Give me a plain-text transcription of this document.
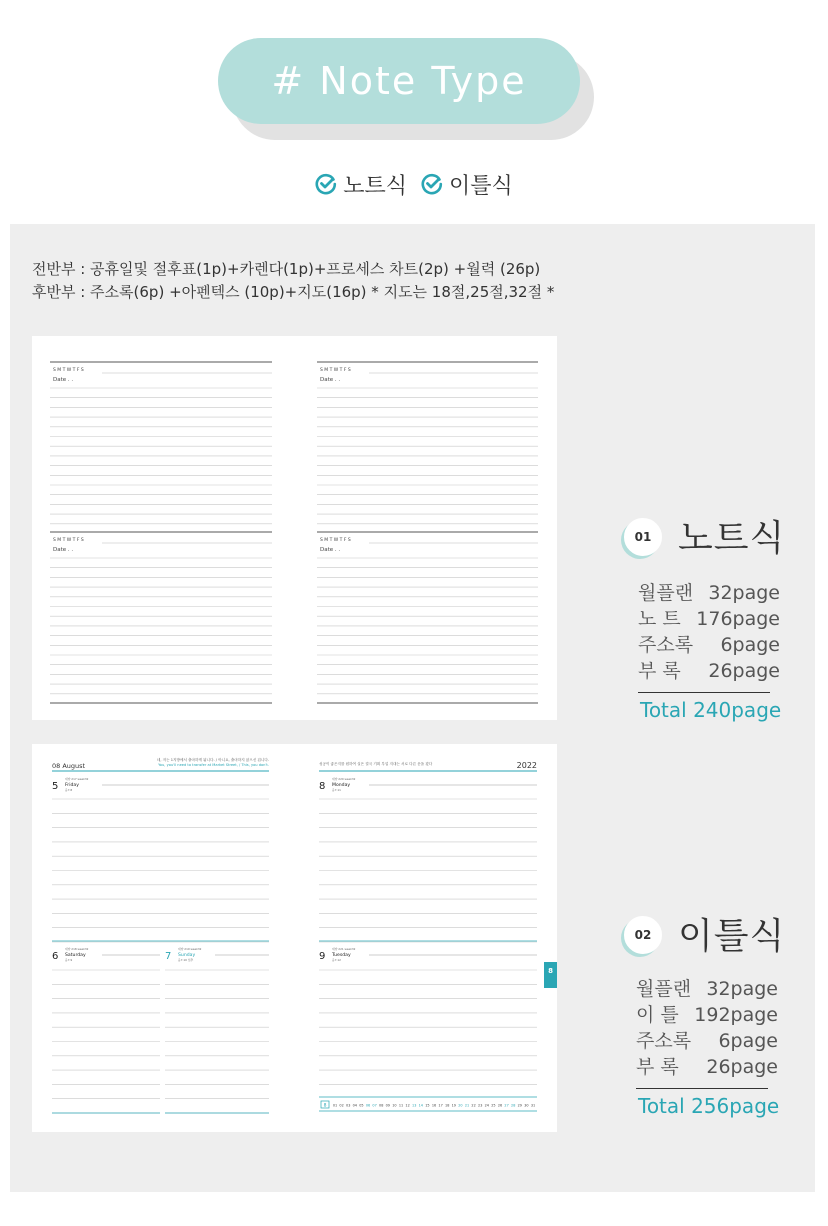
# Note Type
노트식 이틀식
전반부 : 공휴일및 절후표(1p)+카렌다(1p)+프로세스 차트(2p) +월력 (26p)
후반부 : 주소록(6p) +아펜텍스 (10p)+지도(16p) * 지도는 18절,25절,32절 *
S M T W T F S
Date . .
S M T W T F S
Date . .
S M T W T F S
Date . .
S M T W T F S
Date . .
08 August
네, 저는 1지방에서 출마하게 됩니다. / 아니요, 출마하지 않으신 겁니다.
You, you'll need to transfer at Market Street, / This, you don't.	성공이 좋은지를 원하여 실은 결국 기획 부업 지대는 서로 다른 운을 겼다	2022
5
대양 217 week32
Friday
음7.8
6
대양 218 week32
Saturday
음7.9	7
대양 219 week32
Sunday
음7.10 입추
8
대양 220 week32
Monday
음7.11
9
대양 221 week32
Tuesday
음7.12
8
8 01 02 03 04 05 06 07 08 09 10 11 12 13 14 15 16 17 18 19 20 21 22 23 24 25 26 27 28 29 30 31
01 노트식
월플랜 32page
노 트 176page
주소록 6page
부 록 26page
Total 240page
02 이틀식
월플랜 32page
이 틀 192page
주소록 6page
부 록 26page
Total 256page
